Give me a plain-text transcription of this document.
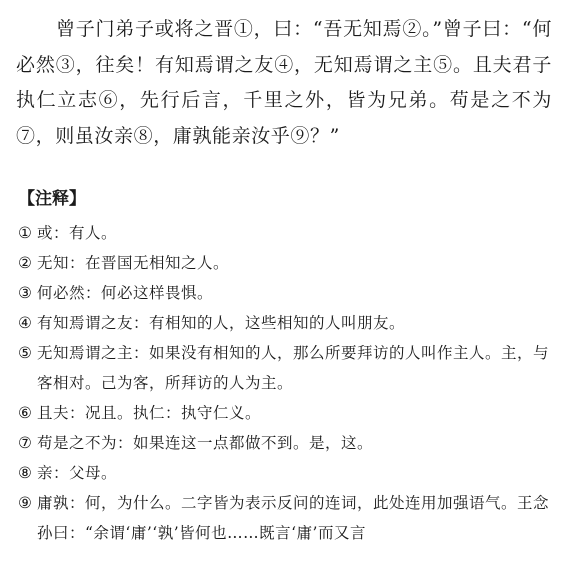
曾子门弟子或将之晋①，曰：“吾无知焉②。”曾子曰：“何必然③，往矣！有知焉谓之友④，无知焉谓之主⑤。且夫君子执仁立志⑥，先行后言，千里之外，皆为兄弟。苟是之不为⑦，则虽汝亲⑧，庸孰能亲汝乎⑨？”

【注释】
① 或：有人。
② 无知：在晋国无相知之人。
③ 何必然：何必这样畏惧。
④ 有知焉谓之友：有相知的人，这些相知的人叫朋友。
⑤ 无知焉谓之主：如果没有相知的人，那么所要拜访的人叫作主人。主，与客相对。己为客，所拜访的人为主。
⑥ 且夫：况且。执仁：执守仁义。
⑦ 苟是之不为：如果连这一点都做不到。是，这。
⑧ 亲：父母。
⑨ 庸孰：何，为什么。二字皆为表示反问的连词，此处连用加强语气。王念孙曰：“余谓‘庸’‘孰’皆何也……既言‘庸’而又言
